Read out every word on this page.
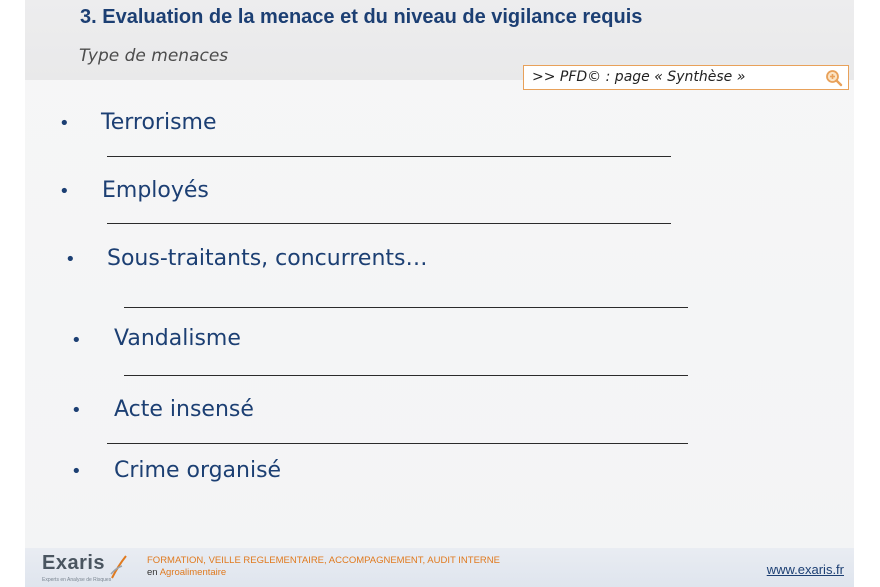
3. Evaluation de la menace et du niveau de vigilance requis
Type de menaces
>> PFD© : page « Synthèse »
• Terrorisme
• Employés
• Sous-traitants, concurrents…
• Vandalisme
• Acte insensé
• Crime organisé
Exaris
Experts en Analyse de Risques
FORMATION, VEILLE REGLEMENTAIRE, ACCOMPAGNEMENT, AUDIT INTERNE
en Agroalimentaire	www.exaris.fr
